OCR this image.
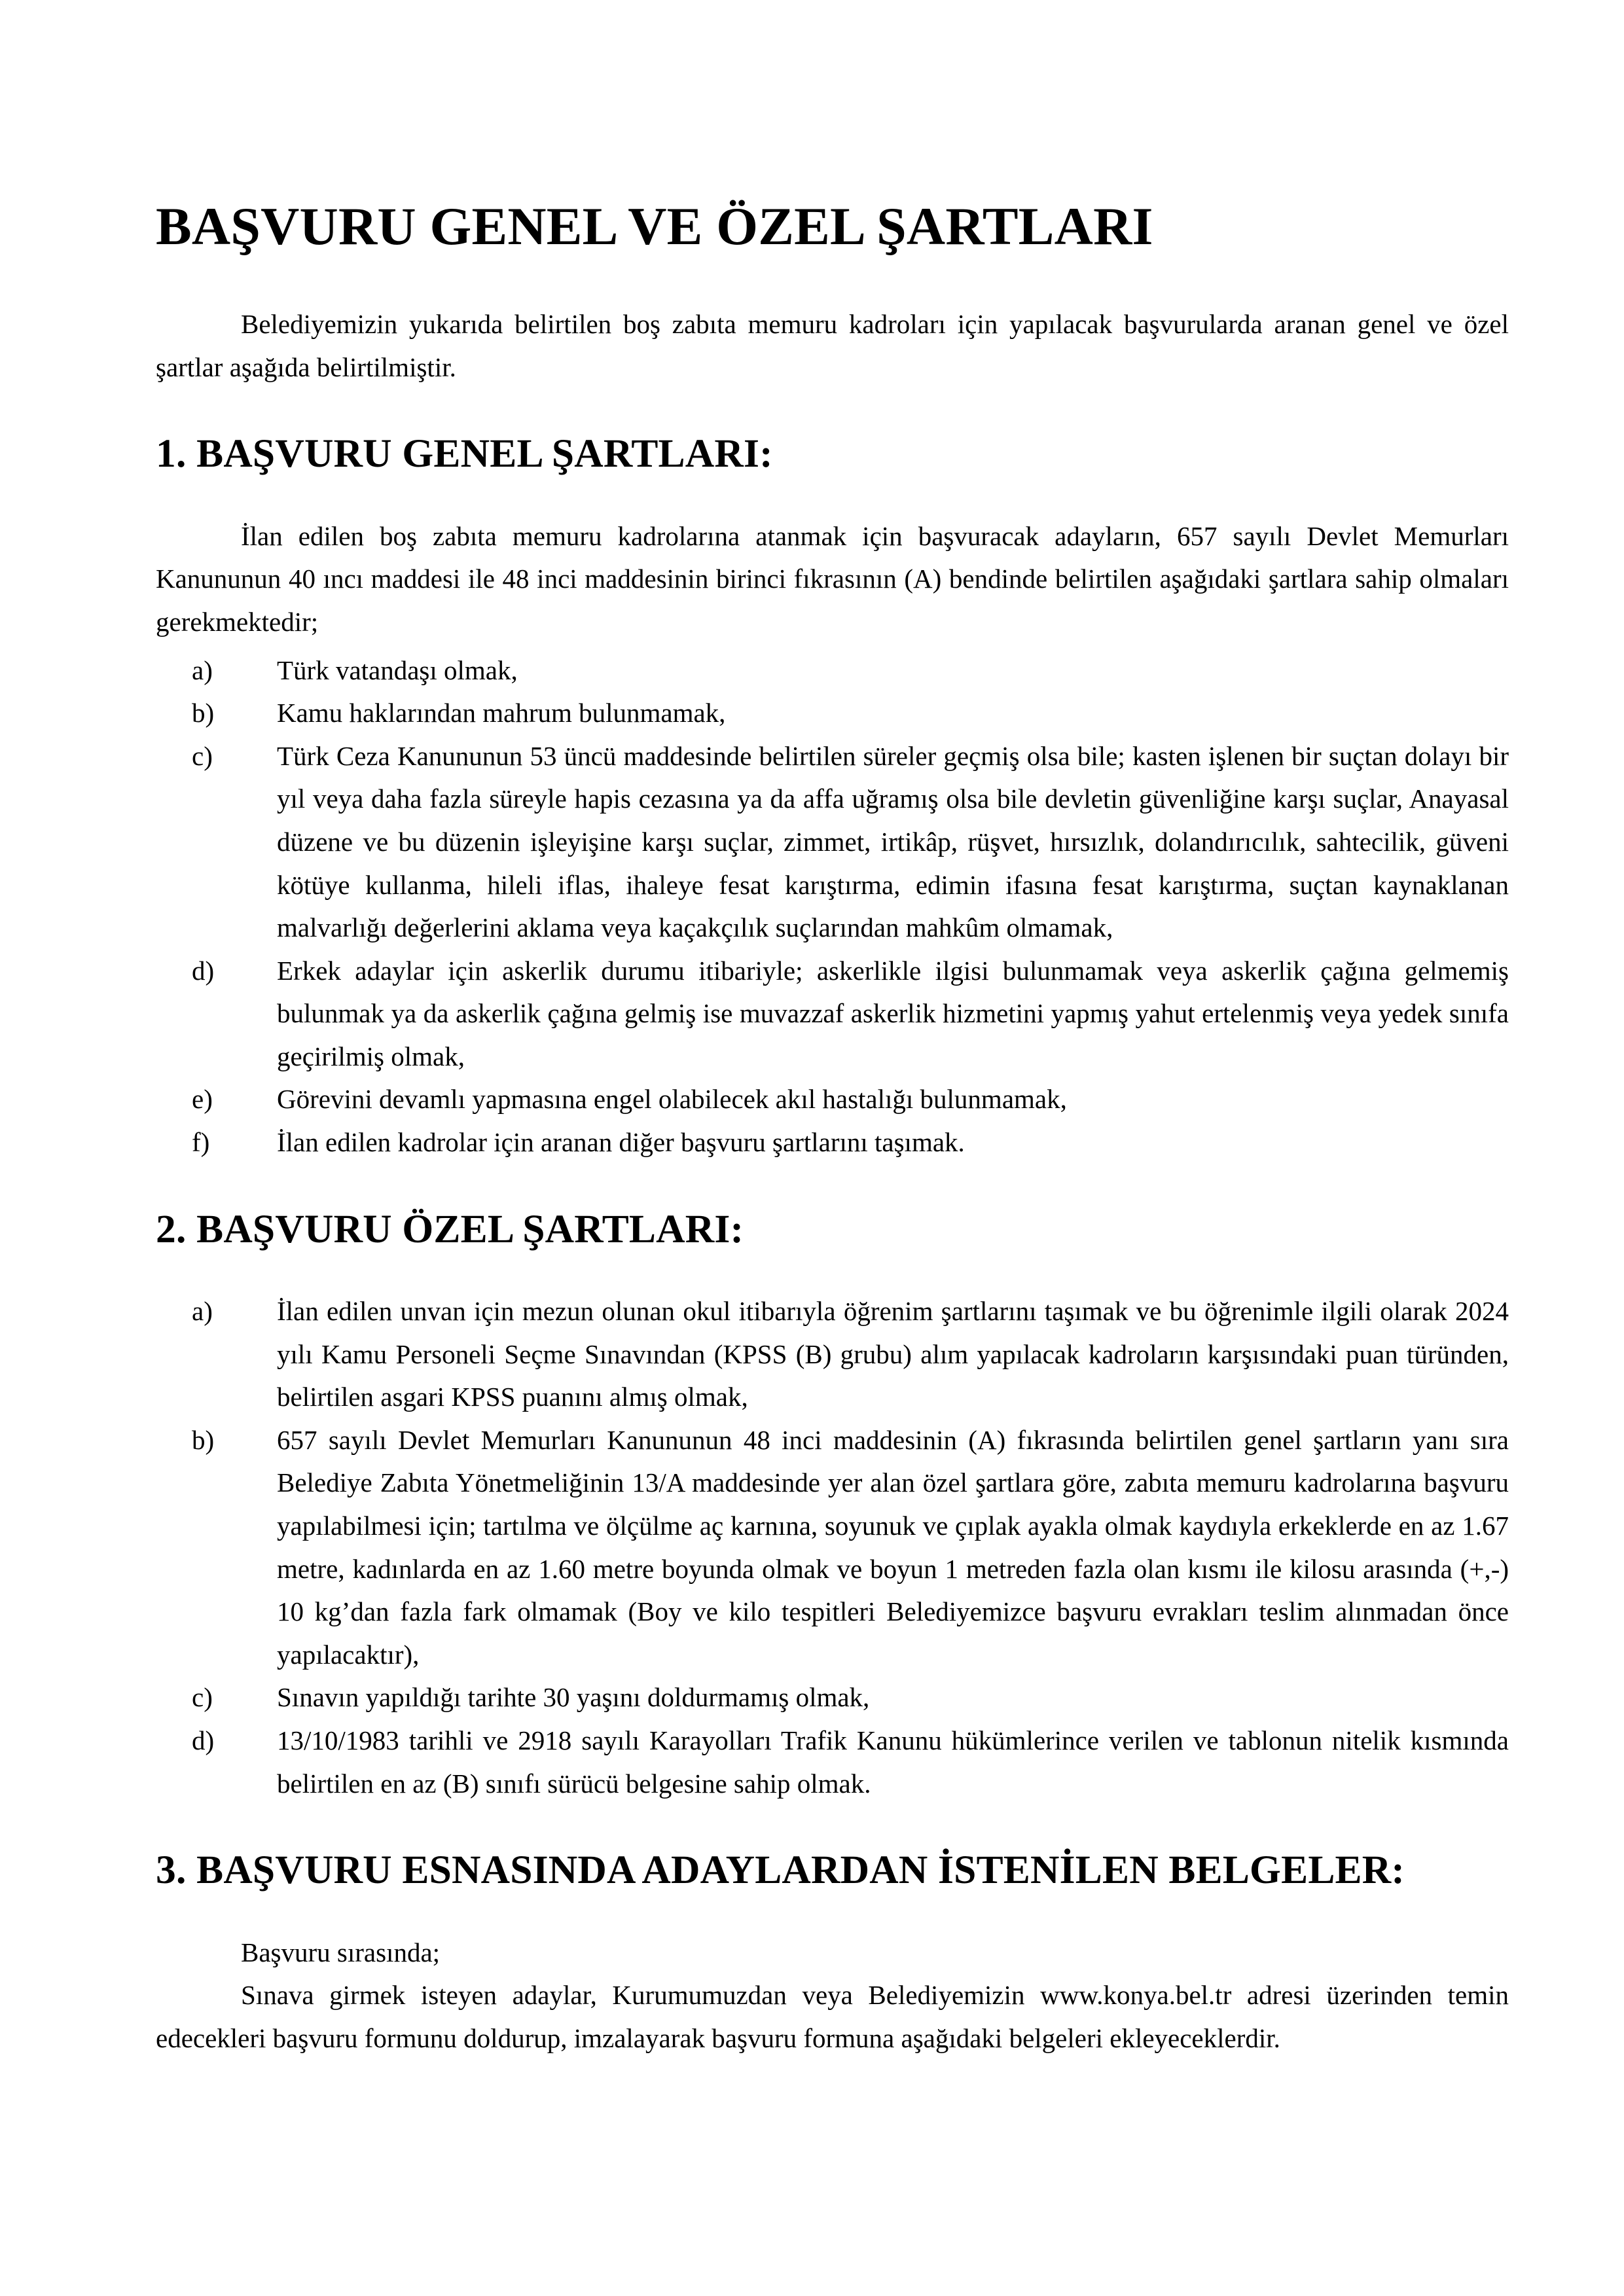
BAŞVURU GENEL VE ÖZEL ŞARTLARI

Belediyemizin yukarıda belirtilen boş zabıta memuru kadroları için yapılacak başvurularda aranan genel ve özel şartlar aşağıda belirtilmiştir.

1. BAŞVURU GENEL ŞARTLARI:

İlan edilen boş zabıta memuru kadrolarına atanmak için başvuracak adayların, 657 sayılı Devlet Memurları Kanununun 40 ıncı maddesi ile 48 inci maddesinin birinci fıkrasının (A) bendinde belirtilen aşağıdaki şartlara sahip olmaları gerekmektedir;

a)	Türk vatandaşı olmak,
b)	Kamu haklarından mahrum bulunmamak,
c)	Türk Ceza Kanununun 53 üncü maddesinde belirtilen süreler geçmiş olsa bile; kasten işlenen bir suçtan dolayı bir yıl veya daha fazla süreyle hapis cezasına ya da affa uğramış olsa bile devletin güvenliğine karşı suçlar, Anayasal düzene ve bu düzenin işleyişine karşı suçlar, zimmet, irtikâp, rüşvet, hırsızlık, dolandırıcılık, sahtecilik, güveni kötüye kullanma, hileli iflas, ihaleye fesat karıştırma, edimin ifasına fesat karıştırma, suçtan kaynaklanan malvarlığı değerlerini aklama veya kaçakçılık suçlarından mahkûm olmamak,
d)	Erkek adaylar için askerlik durumu itibariyle; askerlikle ilgisi bulunmamak veya askerlik çağına gelmemiş bulunmak ya da askerlik çağına gelmiş ise muvazzaf askerlik hizmetini yapmış yahut ertelenmiş veya yedek sınıfa geçirilmiş olmak,
e)	Görevini devamlı yapmasına engel olabilecek akıl hastalığı bulunmamak,
f)	İlan edilen kadrolar için aranan diğer başvuru şartlarını taşımak.
2. BAŞVURU ÖZEL ŞARTLARI:
a)	İlan edilen unvan için mezun olunan okul itibarıyla öğrenim şartlarını taşımak ve bu öğrenimle ilgili olarak 2024 yılı Kamu Personeli Seçme Sınavından (KPSS (B) grubu) alım yapılacak kadroların karşısındaki puan türünden, belirtilen asgari KPSS puanını almış olmak,
b)	657 sayılı Devlet Memurları Kanununun 48 inci maddesinin (A) fıkrasında belirtilen genel şartların yanı sıra Belediye Zabıta Yönetmeliğinin 13/A maddesinde yer alan özel şartlara göre, zabıta memuru kadrolarına başvuru yapılabilmesi için; tartılma ve ölçülme aç karnına, soyunuk ve çıplak ayakla olmak kaydıyla erkeklerde en az 1.67 metre, kadınlarda en az 1.60 metre boyunda olmak ve boyun 1 metreden fazla olan kısmı ile kilosu arasında (+,-) 10 kg’dan fazla fark olmamak (Boy ve kilo tespitleri Belediyemizce başvuru evrakları teslim alınmadan önce yapılacaktır),
c)	Sınavın yapıldığı tarihte 30 yaşını doldurmamış olmak,
d)	13/10/1983 tarihli ve 2918 sayılı Karayolları Trafik Kanunu hükümlerince verilen ve tablonun nitelik kısmında belirtilen en az (B) sınıfı sürücü belgesine sahip olmak.
3. BAŞVURU ESNASINDA ADAYLARDAN İSTENİLEN BELGELER:

Başvuru sırasında;

Sınava girmek isteyen adaylar, Kurumumuzdan veya Belediyemizin www.konya.bel.tr adresi üzerinden temin edecekleri başvuru formunu doldurup, imzalayarak başvuru formuna aşağıdaki belgeleri ekleyeceklerdir.
